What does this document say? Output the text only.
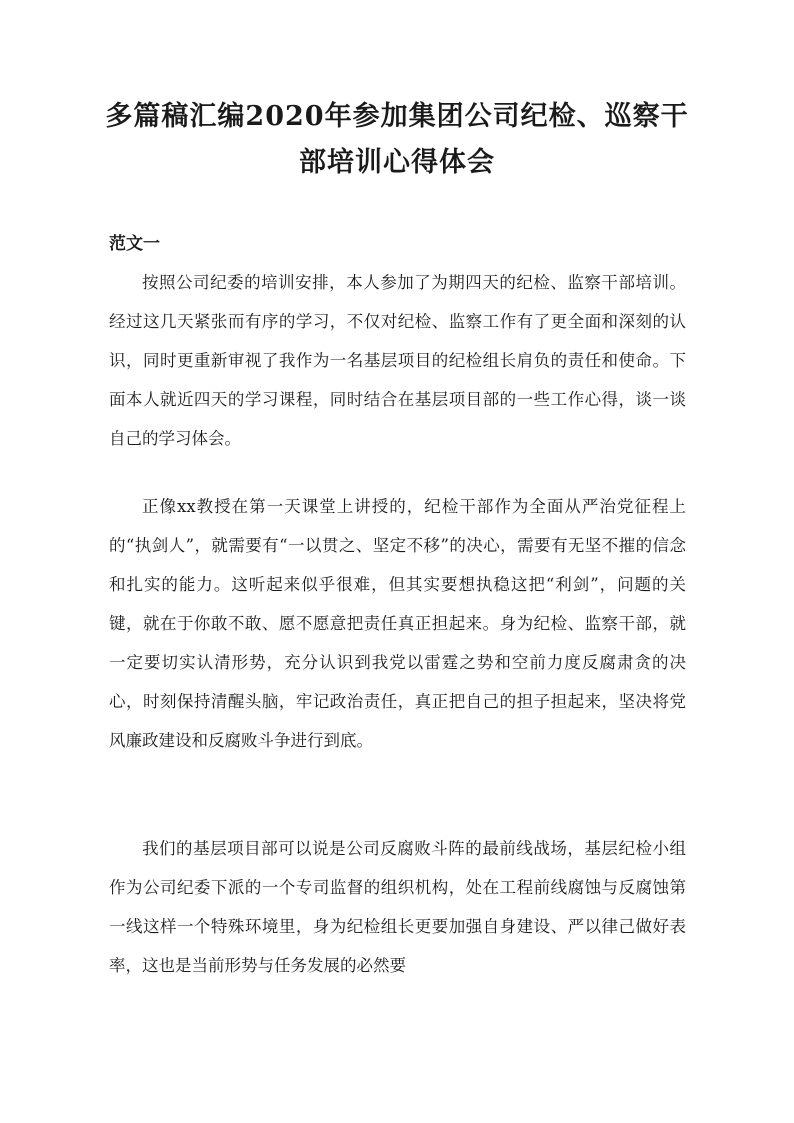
多篇稿汇编2020年参加集团公司纪检、巡察干部培训心得体会
范文一

按照公司纪委的培训安排，本人参加了为期四天的纪检、监察干部培训。经过这几天紧张而有序的学习，不仅对纪检、监察工作有了更全面和深刻的认识，同时更重新审视了我作为一名基层项目的纪检组长肩负的责任和使命。下面本人就近四天的学习课程，同时结合在基层项目部的一些工作心得，谈一谈自己的学习体会。

正像xx教授在第一天课堂上讲授的，纪检干部作为全面从严治党征程上的“执剑人”，就需要有“一以贯之、坚定不移”的决心，需要有无坚不摧的信念和扎实的能力。这听起来似乎很难，但其实要想执稳这把“利剑”，问题的关键，就在于你敢不敢、愿不愿意把责任真正担起来。身为纪检、监察干部，就一定要切实认清形势，充分认识到我党以雷霆之势和空前力度反腐肃贪的决心，时刻保持清醒头脑，牢记政治责任，真正把自己的担子担起来，坚决将党风廉政建设和反腐败斗争进行到底。

我们的基层项目部可以说是公司反腐败斗阵的最前线战场，基层纪检小组作为公司纪委下派的一个专司监督的组织机构，处在工程前线腐蚀与反腐蚀第一线这样一个特殊环境里，身为纪检组长更要加强自身建设、严以律己做好表率，这也是当前形势与任务发展的必然要
